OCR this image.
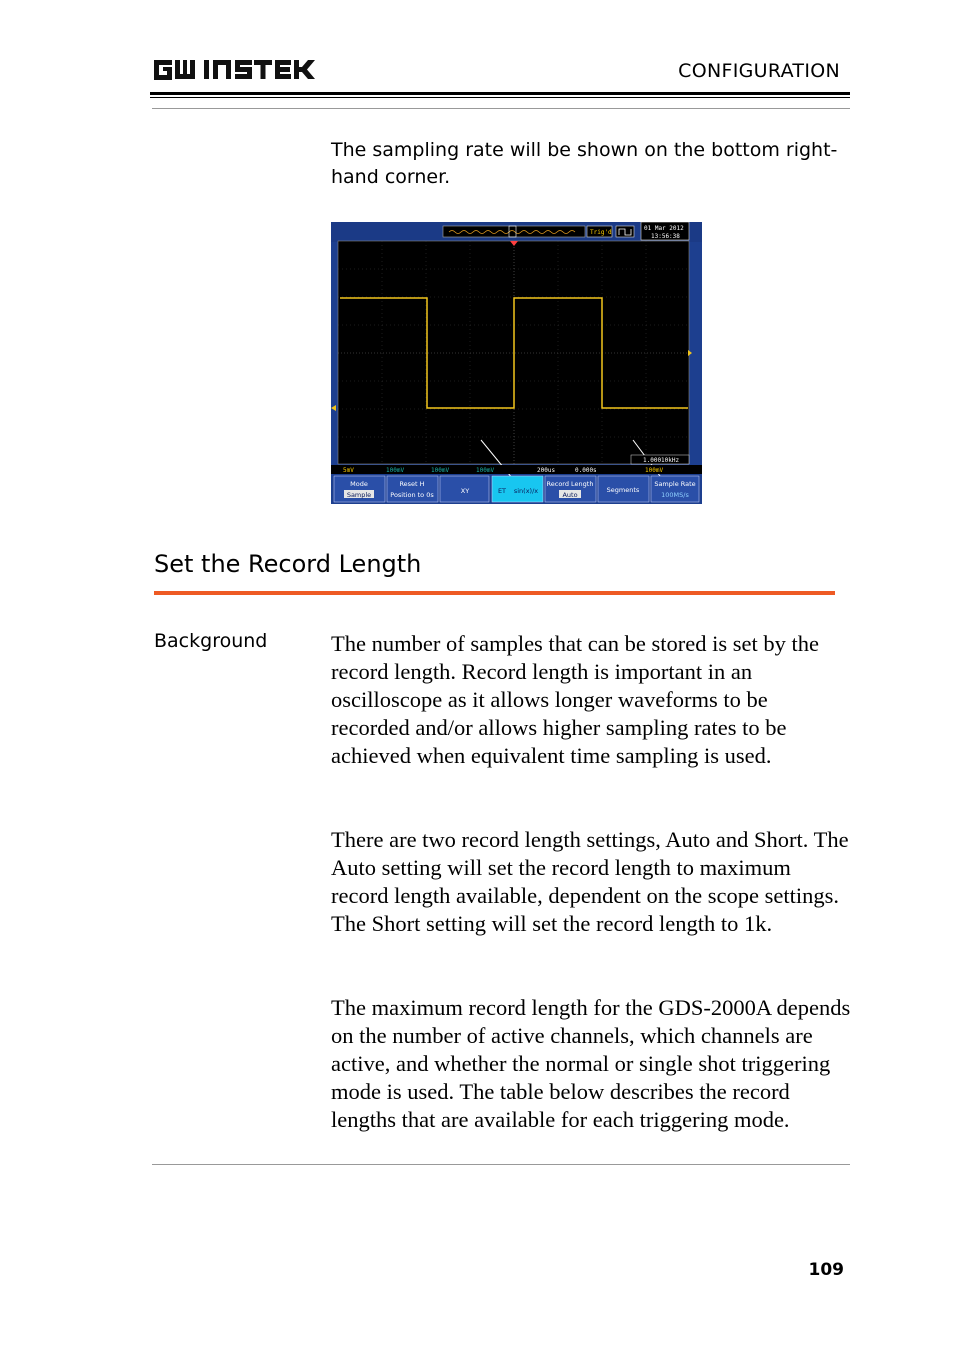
CONFIGURATION
The sampling rate will be shown on the bottom right-hand corner.
Trig'd
01 Mar 2012
13:56:38
1.00010kHz
5mV	100mV	100mV	100mV	200us	0.000s	100mV
Mode
Sample
Reset H
Position to 0s	XY	ET sin(x)/x
Record Length
Auto
Segments
Sample Rate
100MS/s
Set the Record Length
Background	The number of samples that can be stored is set by the record length. Record length is important in an oscilloscope as it allows longer waveforms to be recorded and/or allows higher sampling rates to be achieved when equivalent time sampling is used.
There are two record length settings, Auto and Short. The Auto setting will set the record length to maximum record length available, dependent on the scope settings. The Short setting will set the record length to 1k.
The maximum record length for the GDS-2000A depends on the number of active channels, which channels are active, and whether the normal or single shot triggering mode is used. The table below describes the record lengths that are available for each triggering mode.
109
